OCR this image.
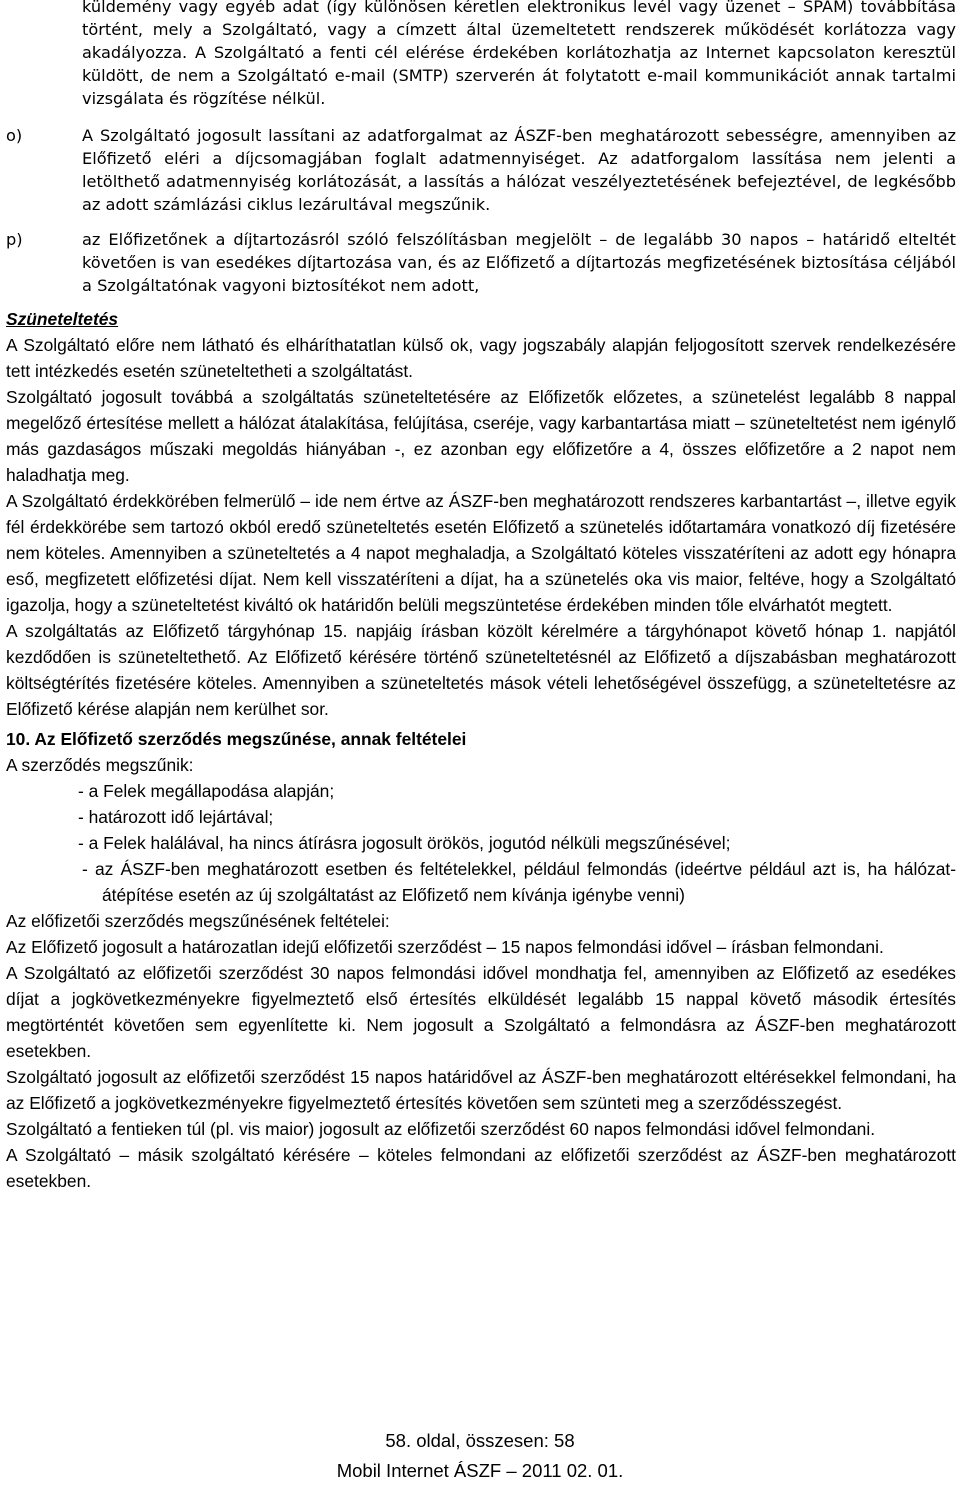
küldemény vagy egyéb adat (így különösen kéretlen elektronikus levél vagy üzenet – SPAM) továbbítása történt, mely a Szolgáltató, vagy a címzett által üzemeltetett rendszerek működését korlátozza vagy akadályozza. A Szolgáltató a fenti cél elérése érdekében korlátozhatja az Internet kapcsolaton keresztül küldött, de nem a Szolgáltató e-mail (SMTP) szerverén át folytatott e-mail kommunikációt annak tartalmi vizsgálata és rögzítése nélkül.

o)	A Szolgáltató jogosult lassítani az adatforgalmat az ÁSZF-ben meghatározott sebességre, amennyiben az Előfizető eléri a díjcsomagjában foglalt adatmennyiséget. Az adatforgalom lassítása nem jelenti a letölthető adatmennyiség korlátozását, a lassítás a hálózat veszélyeztetésének befejeztével, de legkésőbb az adott számlázási ciklus lezárultával megszűnik.

p)	az Előfizetőnek a díjtartozásról szóló felszólításban megjelölt – de legalább 30 napos – határidő elteltét követően is van esedékes díjtartozása van, és az Előfizető a díjtartozás megfizetésének biztosítása céljából a Szolgáltatónak vagyoni biztosítékot nem adott,

Szüneteltetés

A Szolgáltató előre nem látható és elháríthatatlan külső ok, vagy jogszabály alapján feljogosított szervek rendelkezésére tett intézkedés esetén szüneteltetheti a szolgáltatást.

Szolgáltató jogosult továbbá a szolgáltatás szüneteltetésére az Előfizetők előzetes, a szünetelést legalább 8 nappal megelőző értesítése mellett a hálózat átalakítása, felújítása, cseréje, vagy karbantartása miatt – szüneteltetést nem igénylő más gazdaságos műszaki megoldás hiányában -, ez azonban egy előfizetőre a 4, összes előfizetőre a 2 napot nem haladhatja meg.

A Szolgáltató érdekkörében felmerülő – ide nem értve az ÁSZF-ben meghatározott rendszeres karbantartást –, illetve egyik fél érdekkörébe sem tartozó okból eredő szüneteltetés esetén Előfizető a szünetelés időtartamára vonatkozó díj fizetésére nem köteles. Amennyiben a szüneteltetés a 4 napot meghaladja, a Szolgáltató köteles visszatéríteni az adott egy hónapra eső, megfizetett előfizetési díjat. Nem kell visszatéríteni a díjat, ha a szünetelés oka vis maior, feltéve, hogy a Szolgáltató igazolja, hogy a szüneteltetést kiváltó ok határidőn belüli megszüntetése érdekében minden tőle elvárhatót megtett.

A szolgáltatás az Előfizető tárgyhónap 15. napjáig írásban közölt kérelmére a tárgyhónapot követő hónap 1. napjától kezdődően is szüneteltethető. Az Előfizető kérésére történő szüneteltetésnél az Előfizető a díjszabásban meghatározott költségtérítés fizetésére köteles. Amennyiben a szüneteltetés mások vételi lehetőségével összefügg, a szüneteltetésre az Előfizető kérése alapján nem kerülhet sor.

10. Az Előfizető szerződés megszűnése, annak feltételei

A szerződés megszűnik:

- a Felek megállapodása alapján;

- határozott idő lejártával;

- a Felek halálával, ha nincs átírásra jogosult örökös, jogutód nélküli megszűnésével;

- az ÁSZF-ben meghatározott esetben és feltételekkel, például felmondás (ideértve például azt is, ha hálózat-átépítése esetén az új szolgáltatást az Előfizető nem kívánja igénybe venni)

Az előfizetői szerződés megszűnésének feltételei:

Az Előfizető jogosult a határozatlan idejű előfizetői szerződést – 15 napos felmondási idővel – írásban felmondani.

A Szolgáltató az előfizetői szerződést 30 napos felmondási idővel mondhatja fel, amennyiben az Előfizető az esedékes díjat a jogkövetkezményekre figyelmeztető első értesítés elküldését legalább 15 nappal követő második értesítés megtörténtét követően sem egyenlítette ki. Nem jogosult a Szolgáltató a felmondásra az ÁSZF-ben meghatározott esetekben.

Szolgáltató jogosult az előfizetői szerződést 15 napos határidővel az ÁSZF-ben meghatározott eltérésekkel felmondani, ha az Előfizető a jogkövetkezményekre figyelmeztető értesítés követően sem szünteti meg a szerződésszegést.

Szolgáltató a fentieken túl (pl. vis maior) jogosult az előfizetői szerződést 60 napos felmondási idővel felmondani.

A Szolgáltató – másik szolgáltató kérésére – köteles felmondani az előfizetői szerződést az ÁSZF-ben meghatározott esetekben.

58. oldal, összesen: 58
Mobil Internet ÁSZF – 2011 02. 01.
